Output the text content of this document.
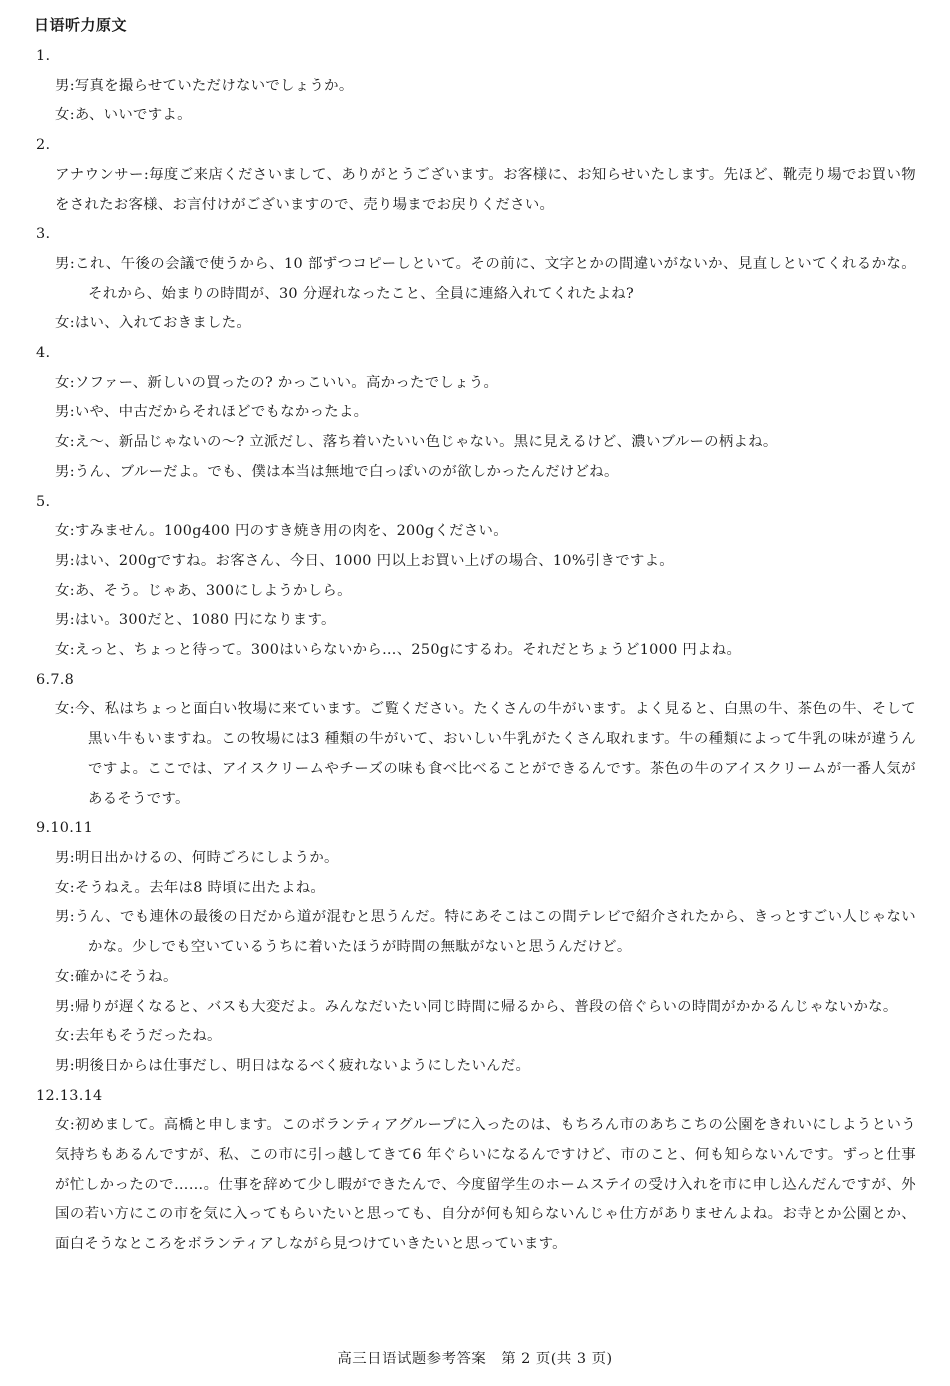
日语听力原文

1.

男:写真を撮らせていただけないでしょうか。

女:あ、いいですよ。

2.

アナウンサー:毎度ご来店くださいまして、ありがとうございます。お客様に、お知らせいたします。先ほど、靴売り場でお買い物をされたお客様、お言付けがございますので、売り場までお戻りください。

3.

男:これ、午後の会議で使うから、10 部ずつコピーしといて。その前に、文字とかの間違いがないか、見直しといてくれるかな。それから、始まりの時間が、30 分遅れなったこと、全員に連絡入れてくれたよね?

女:はい、入れておきました。

4.

女:ソファー、新しいの買ったの? かっこいい。高かったでしょう。

男:いや、中古だからそれほどでもなかったよ。

女:え～、新品じゃないの～? 立派だし、落ち着いたいい色じゃない。黒に見えるけど、濃いブルーの柄よね。

男:うん、ブルーだよ。でも、僕は本当は無地で白っぽいのが欲しかったんだけどね。

5.

女:すみません。100g400 円のすき焼き用の肉を、200gください。

男:はい、200gですね。お客さん、今日、1000 円以上お買い上げの場合、10%引きですよ。

女:あ、そう。じゃあ、300にしようかしら。

男:はい。300だと、1080 円になります。

女:えっと、ちょっと待って。300はいらないから…、250gにするわ。それだとちょうど1000 円よね。

6.7.8

女:今、私はちょっと面白い牧場に来ています。ご覧ください。たくさんの牛がいます。よく見ると、白黒の牛、茶色の牛、そして黒い牛もいますね。この牧場には3 種類の牛がいて、おいしい牛乳がたくさん取れます。牛の種類によって牛乳の味が違うんですよ。ここでは、アイスクリームやチーズの味も食べ比べることができるんです。茶色の牛のアイスクリームが一番人気があるそうです。

9.10.11

男:明日出かけるの、何時ごろにしようか。

女:そうねえ。去年は8 時頃に出たよね。

男:うん、でも連休の最後の日だから道が混むと思うんだ。特にあそこはこの間テレビで紹介されたから、きっとすごい人じゃないかな。少しでも空いているうちに着いたほうが時間の無駄がないと思うんだけど。

女:確かにそうね。

男:帰りが遅くなると、バスも大変だよ。みんなだいたい同じ時間に帰るから、普段の倍ぐらいの時間がかかるんじゃないかな。

女:去年もそうだったね。

男:明後日からは仕事だし、明日はなるべく疲れないようにしたいんだ。

12.13.14

女:初めまして。高橋と申します。このボランティアグループに入ったのは、もちろん市のあちこちの公園をきれいにしようという気持ちもあるんですが、私、この市に引っ越してきて6 年ぐらいになるんですけど、市のこと、何も知らないんです。ずっと仕事が忙しかったので……。仕事を辞めて少し暇ができたんで、今度留学生のホームステイの受け入れを市に申し込んだんですが、外国の若い方にこの市を気に入ってもらいたいと思っても、自分が何も知らないんじゃ仕方がありませんよね。お寺とか公園とか、面白そうなところをボランティアしながら見つけていきたいと思っています。

高三日语试题参考答案　第 2 页(共 3 页)
